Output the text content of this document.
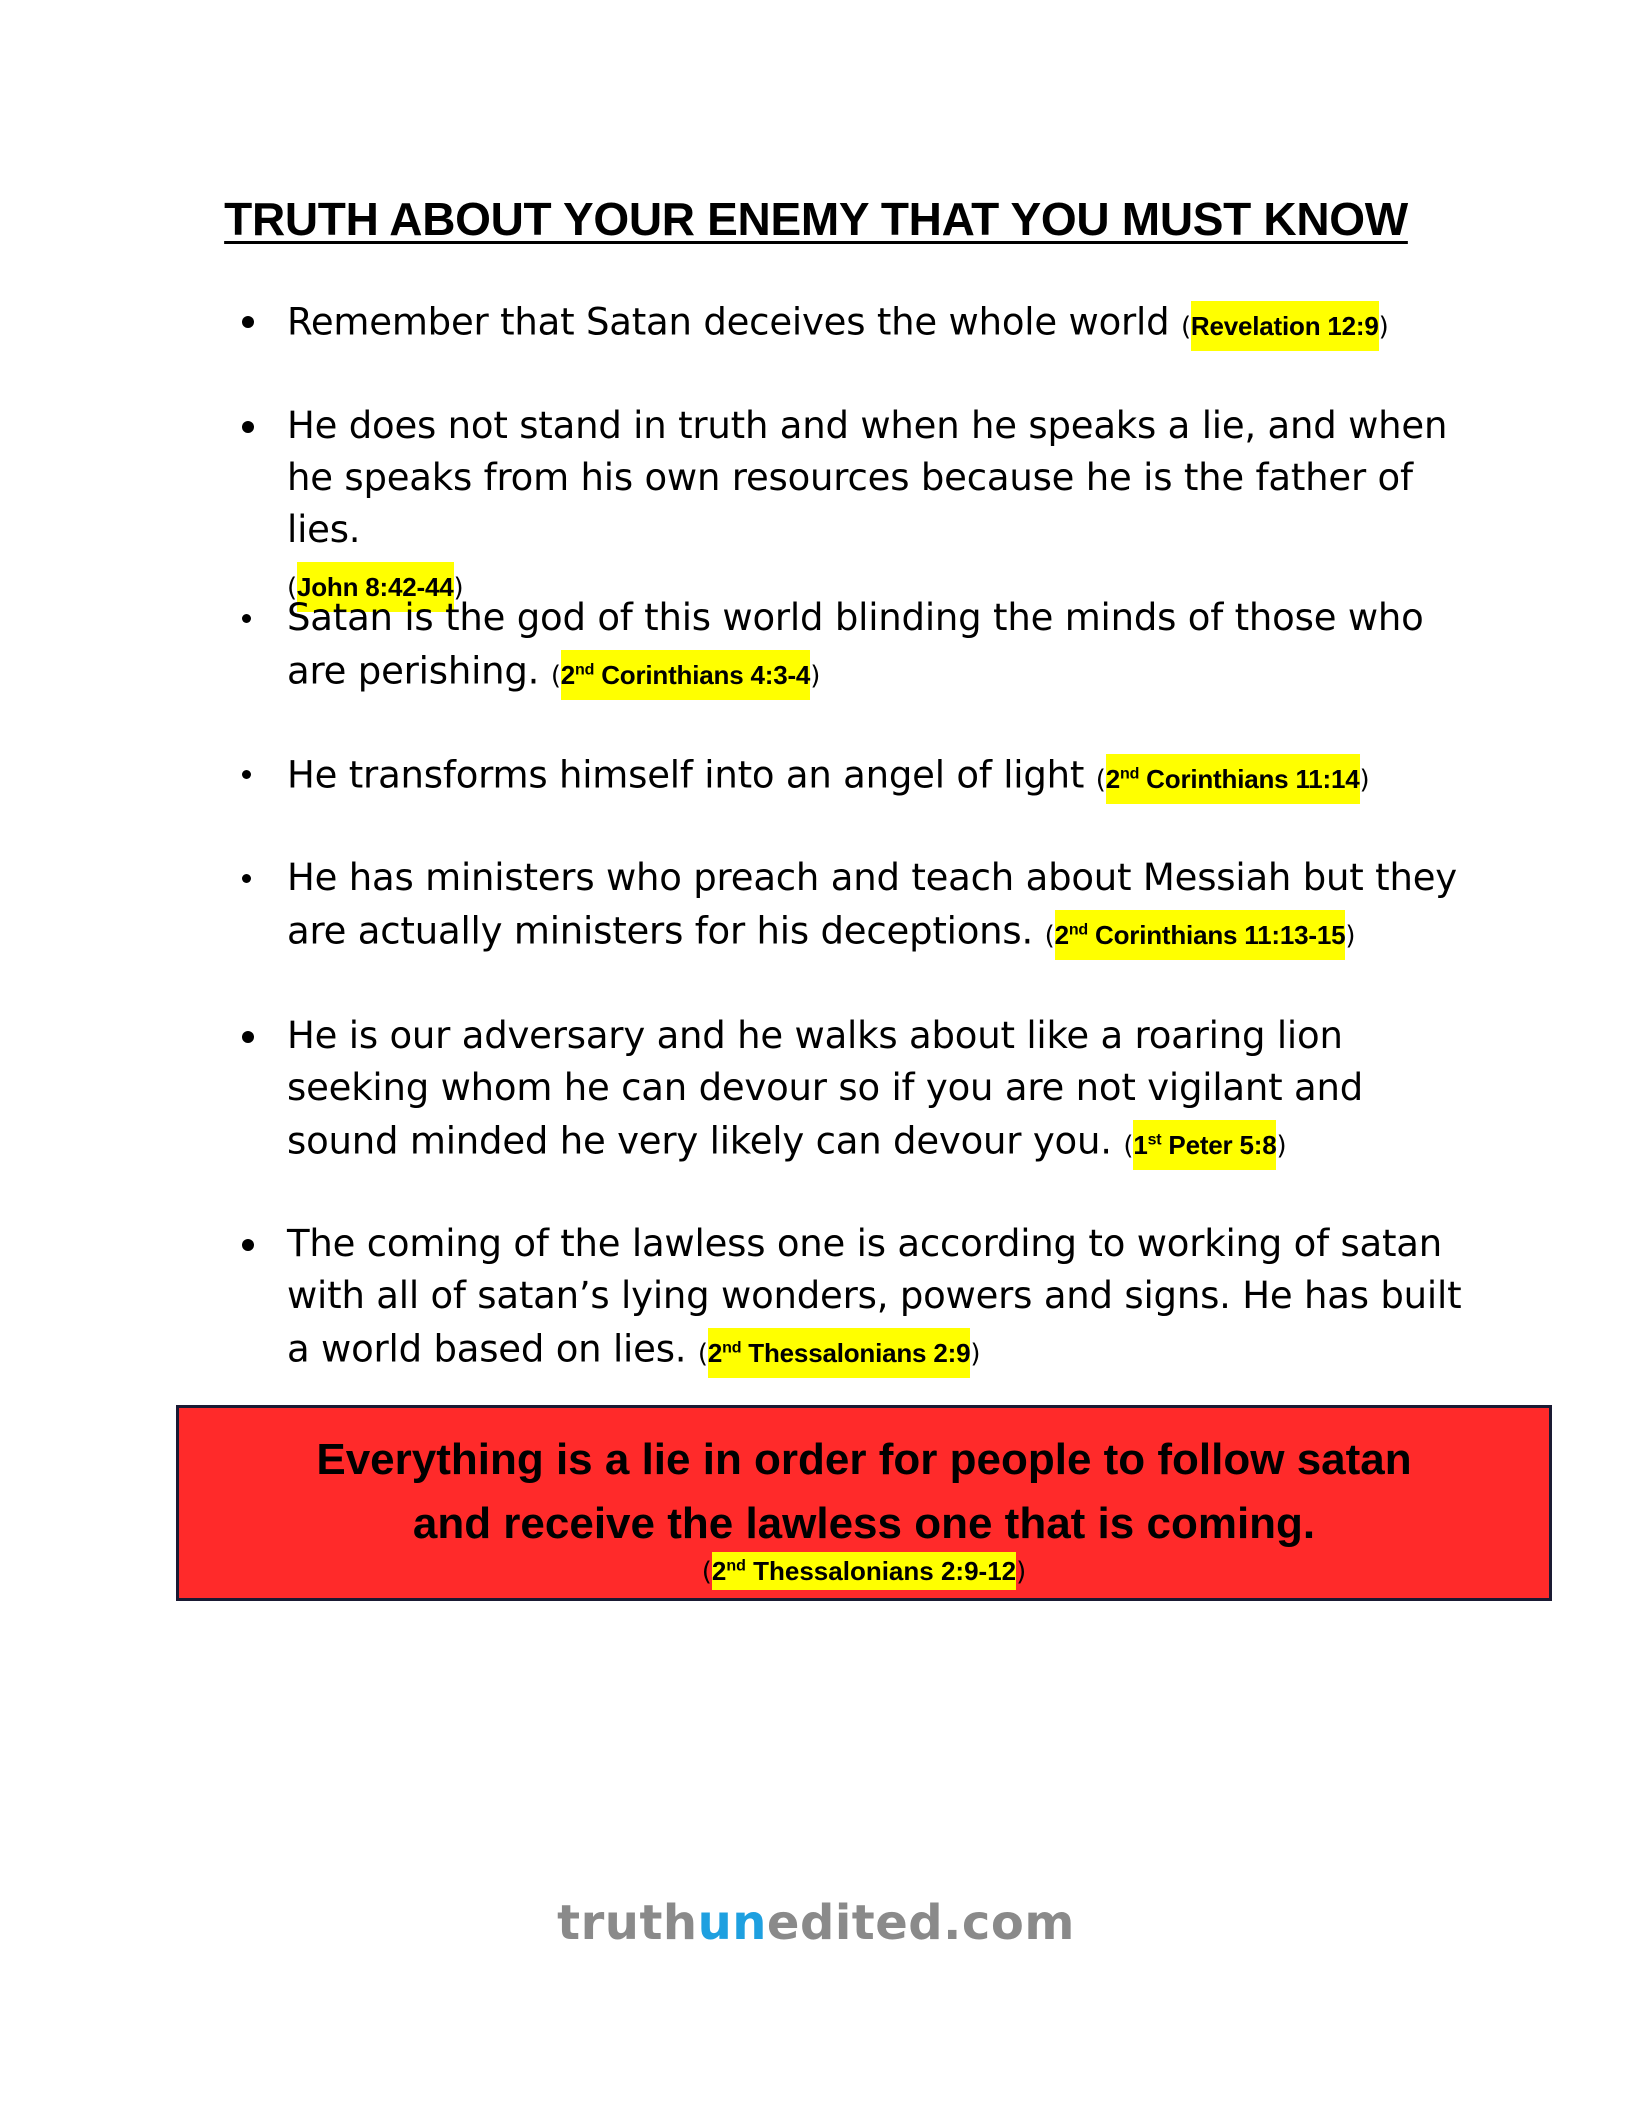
TRUTH ABOUT YOUR ENEMY THAT YOU MUST KNOW
Remember that Satan deceives the whole world (Revelation 12:9)
He does not stand in truth and when he speaks a lie, and when he speaks from his own resources because he is the father of lies.
(John 8:42-44)
Satan is the god of this world blinding the minds of those who are perishing. (2nd Corinthians 4:3-4)
He transforms himself into an angel of light (2nd Corinthians 11:14)
He has ministers who preach and teach about Messiah but they are actually ministers for his deceptions. (2nd Corinthians 11:13-15)
He is our adversary and he walks about like a roaring lion seeking whom he can devour so if you are not vigilant and sound minded he very likely can devour you. (1st Peter 5:8)
The coming of the lawless one is according to working of satan with all of satan’s lying wonders, powers and signs. He has built a world based on lies. (2nd Thessalonians 2:9)
Everything is a lie in order for people to follow satan and receive the lawless one that is coming.
(2nd Thessalonians 2:9-12)
truthunedited.com
